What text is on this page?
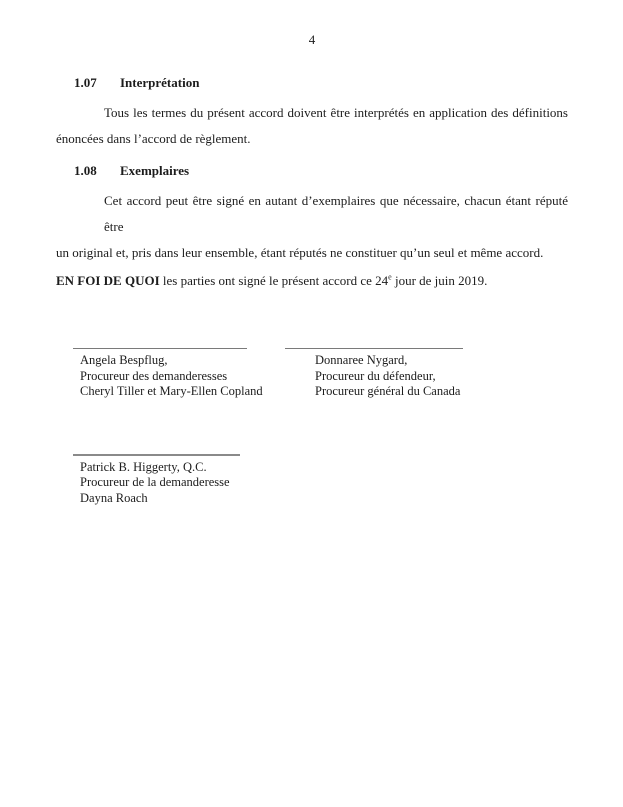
4
1.07	Interprétation
Tous les termes du présent accord doivent être interprétés en application des définitions
énoncées dans l’accord de règlement.
1.08	Exemplaires
Cet accord peut être signé en autant d’exemplaires que nécessaire, chacun étant réputé être
un original et, pris dans leur ensemble, étant réputés ne constituer qu’un seul et même accord.
EN FOI DE QUOI les parties ont signé le présent accord ce 24e jour de juin 2019.
Angela Bespflug,
Procureur des demanderesses
Cheryl Tiller et Mary-Ellen Copland
Donnaree Nygard,
Procureur du défendeur,
Procureur général du Canada
Patrick B. Higgerty, Q.C.
Procureur de la demanderesse
Dayna Roach
